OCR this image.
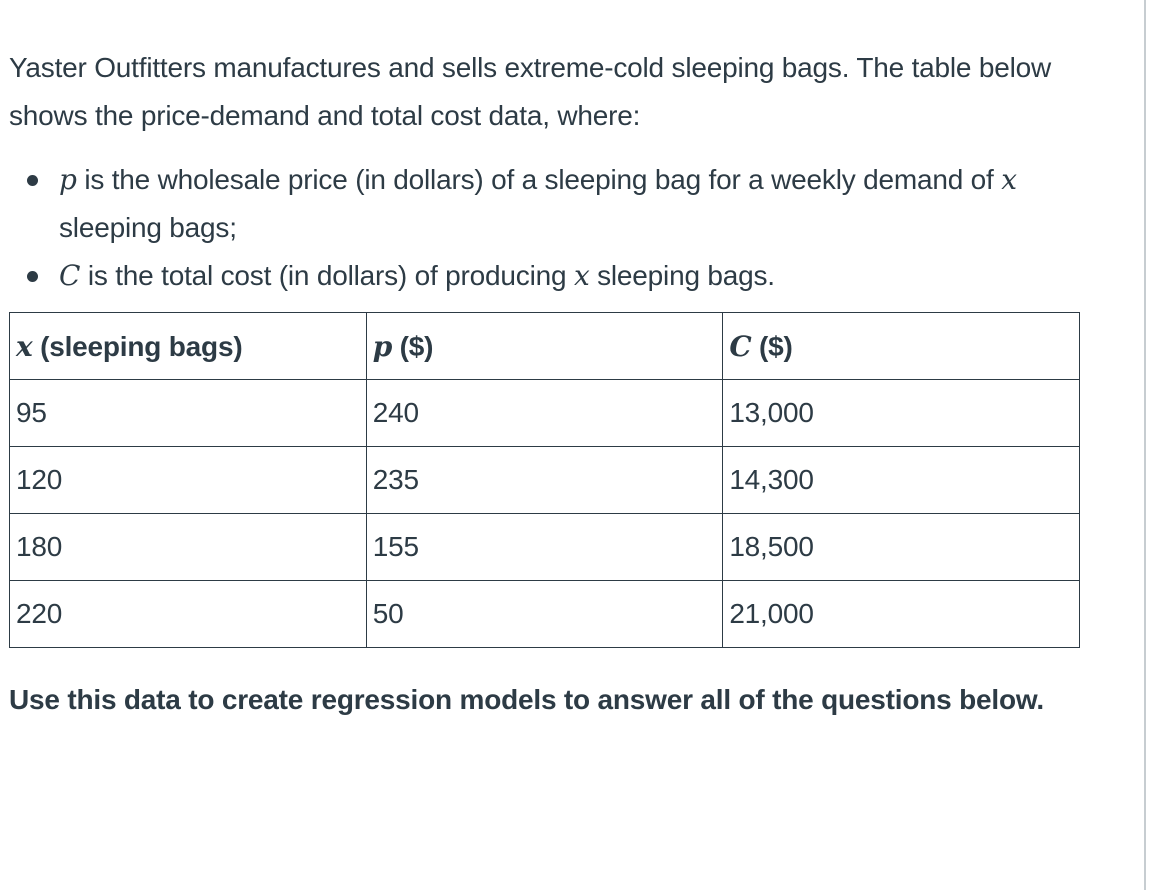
Yaster Outfitters manufactures and sells extreme-cold sleeping bags. The table below shows the price-demand and total cost data, where:

p is the wholesale price (in dollars) of a sleeping bag for a weekly demand of x sleeping bags;
C is the total cost (in dollars) of producing x sleeping bags.
x (sleeping bags)	p ($)	C ($)
95	240	13,000
120	235	14,300
180	155	18,500
220	50	21,000

Use this data to create regression models to answer all of the questions below.
